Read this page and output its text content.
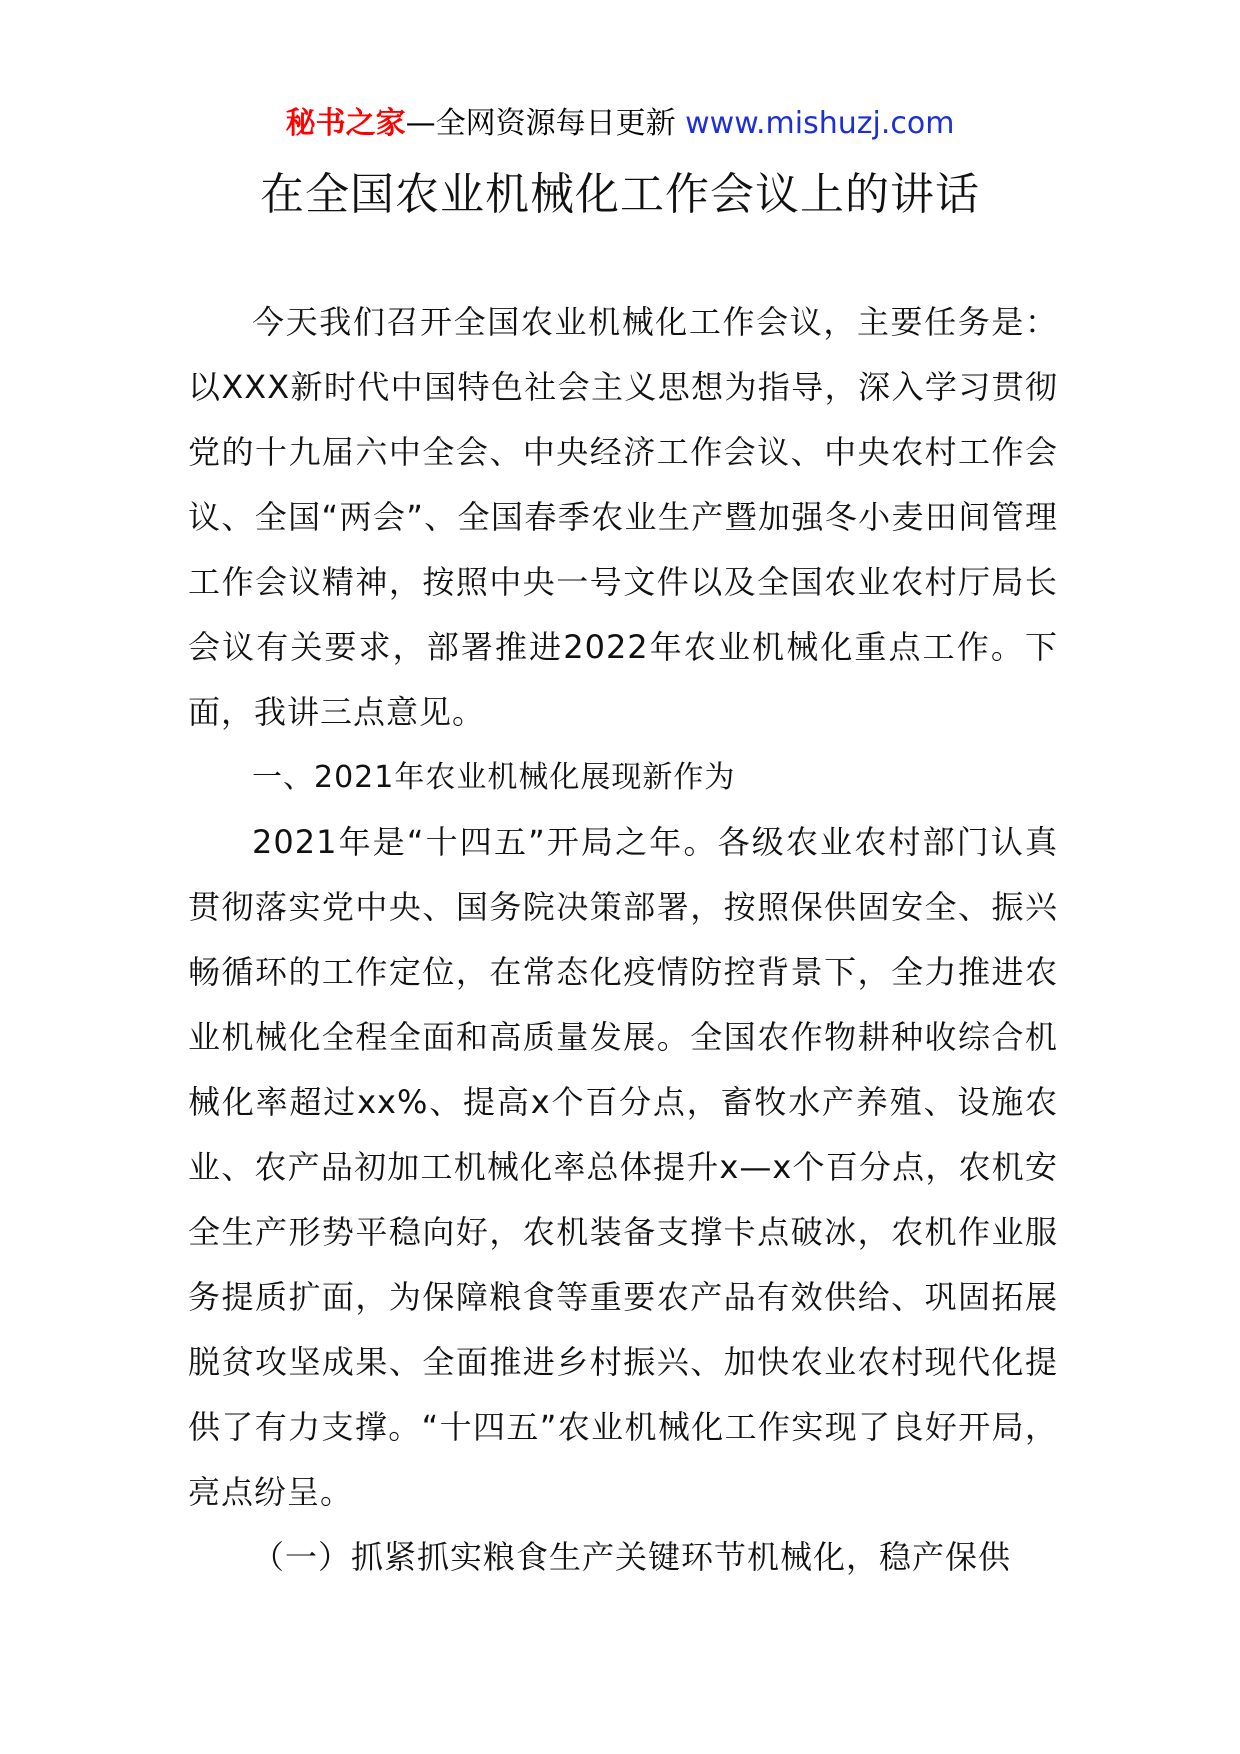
秘书之家—全网资源每日更新 www.mishuzj.com
在全国农业机械化工作会议上的讲话

今天我们召开全国农业机械化工作会议，主要任务是：以XXX新时代中国特色社会主义思想为指导，深入学习贯彻党的十九届六中全会、中央经济工作会议、中央农村工作会议、全国“两会”、全国春季农业生产暨加强冬小麦田间管理工作会议精神，按照中央一号文件以及全国农业农村厅局长会议有关要求，部署推进2022年农业机械化重点工作。下面，我讲三点意见。

一、2021年农业机械化展现新作为

2021年是“十四五”开局之年。各级农业农村部门认真贯彻落实党中央、国务院决策部署，按照保供固安全、振兴畅循环的工作定位，在常态化疫情防控背景下，全力推进农业机械化全程全面和高质量发展。全国农作物耕种收综合机械化率超过xx%、提高x个百分点，畜牧水产养殖、设施农业、农产品初加工机械化率总体提升x—x个百分点，农机安全生产形势平稳向好，农机装备支撑卡点破冰，农机作业服务提质扩面，为保障粮食等重要农产品有效供给、巩固拓展脱贫攻坚成果、全面推进乡村振兴、加快农业农村现代化提供了有力支撑。“十四五”农业机械化工作实现了良好开局，亮点纷呈。

（一）抓紧抓实粮食生产关键环节机械化，稳产保供
